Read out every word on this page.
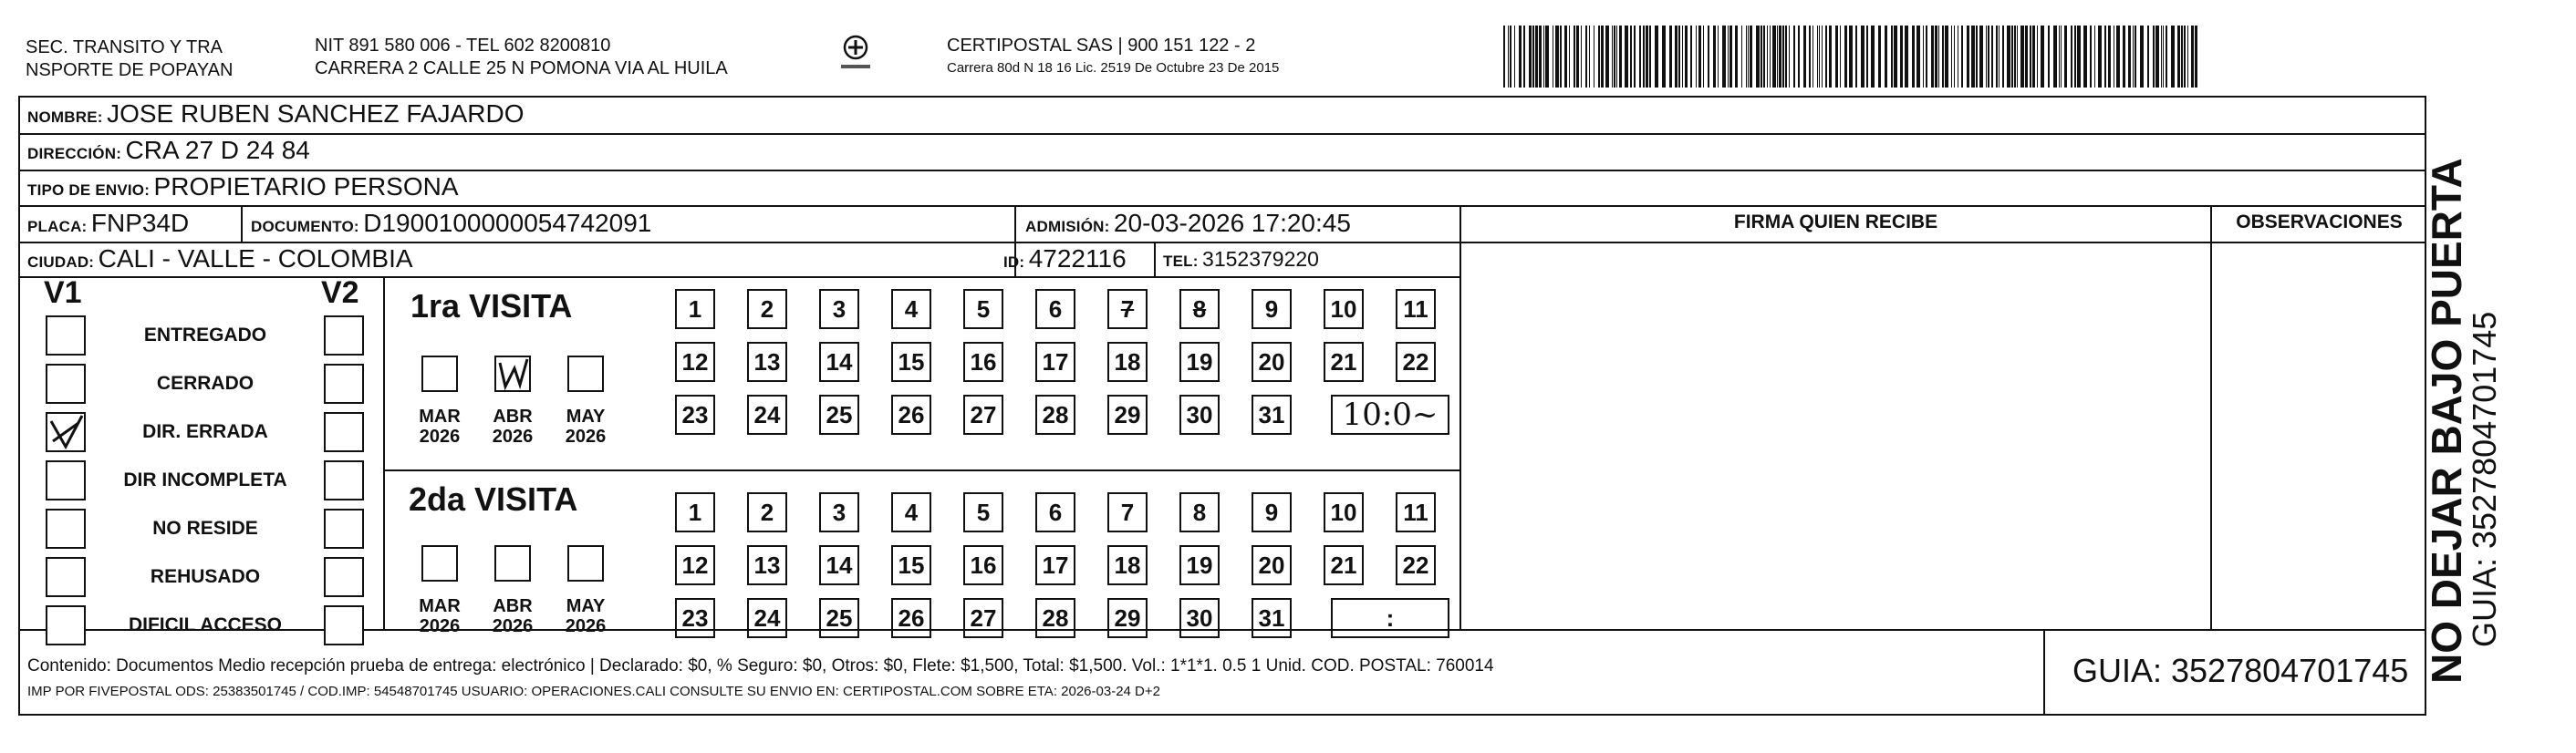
SEC. TRANSITO Y TRA
NSPORTE DE POPAYAN
NIT 891 580 006 - TEL 602 8200810
CARRERA 2 CALLE 25 N POMONA VIA AL HUILA
CERTIPOSTAL SAS | 900 151 122 - 2
Carrera 80d N 18 16 Lic. 2519 De Octubre 23 De 2015
NOMBRE: JOSE RUBEN SANCHEZ FAJARDO
DIRECCIÓN: CRA 27 D 24 84
TIPO DE ENVIO: PROPIETARIO PERSONA
PLACA: FNP34D	DOCUMENTO: D1900100000054742091	ADMISIÓN: 20-03-2026 17:20:45
CIUDAD: CALI - VALLE - COLOMBIA	ID: 4722116 TEL: 3152379220
FIRMA QUIEN RECIBE	OBSERVACIONES
V1	V2
ENTREGADO
CERRADO
DIR. ERRADA
DIR INCOMPLETA
NO RESIDE
REHUSADO
DIFICIL ACCESO
1ra VISITA
MAR
2026
ABR
2026
MAY
2026
1	2	3	4	5	6	7	8	9	10	11
12 13 14 15 16 17 18 19 20 21 22
23 24 25 26 27 28 29 30 31	10:0~
2da VISITA
MAR
2026
ABR
2026
MAY
2026
1	2	3	4	5	6	7	8	9	10	11
12 13 14 15 16 17 18 19 20 21 22
23 24 25 26 27 28 29 30 31	:
Contenido: Documentos Medio recepción prueba de entrega: electrónico | Declarado: $0, % Seguro: $0, Otros: $0, Flete: $1,500, Total: $1,500. Vol.: 1*1*1. 0.5 1 Unid. COD. POSTAL: 760014
IMP POR FIVEPOSTAL ODS: 25383501745 / COD.IMP: 54548701745 USUARIO: OPERACIONES.CALI CONSULTE SU ENVIO EN: CERTIPOSTAL.COM SOBRE ETA: 2026-03-24 D+2
GUIA: 3527804701745 NO DEJAR BAJO PUERTA
GUIA: 3527804701745
